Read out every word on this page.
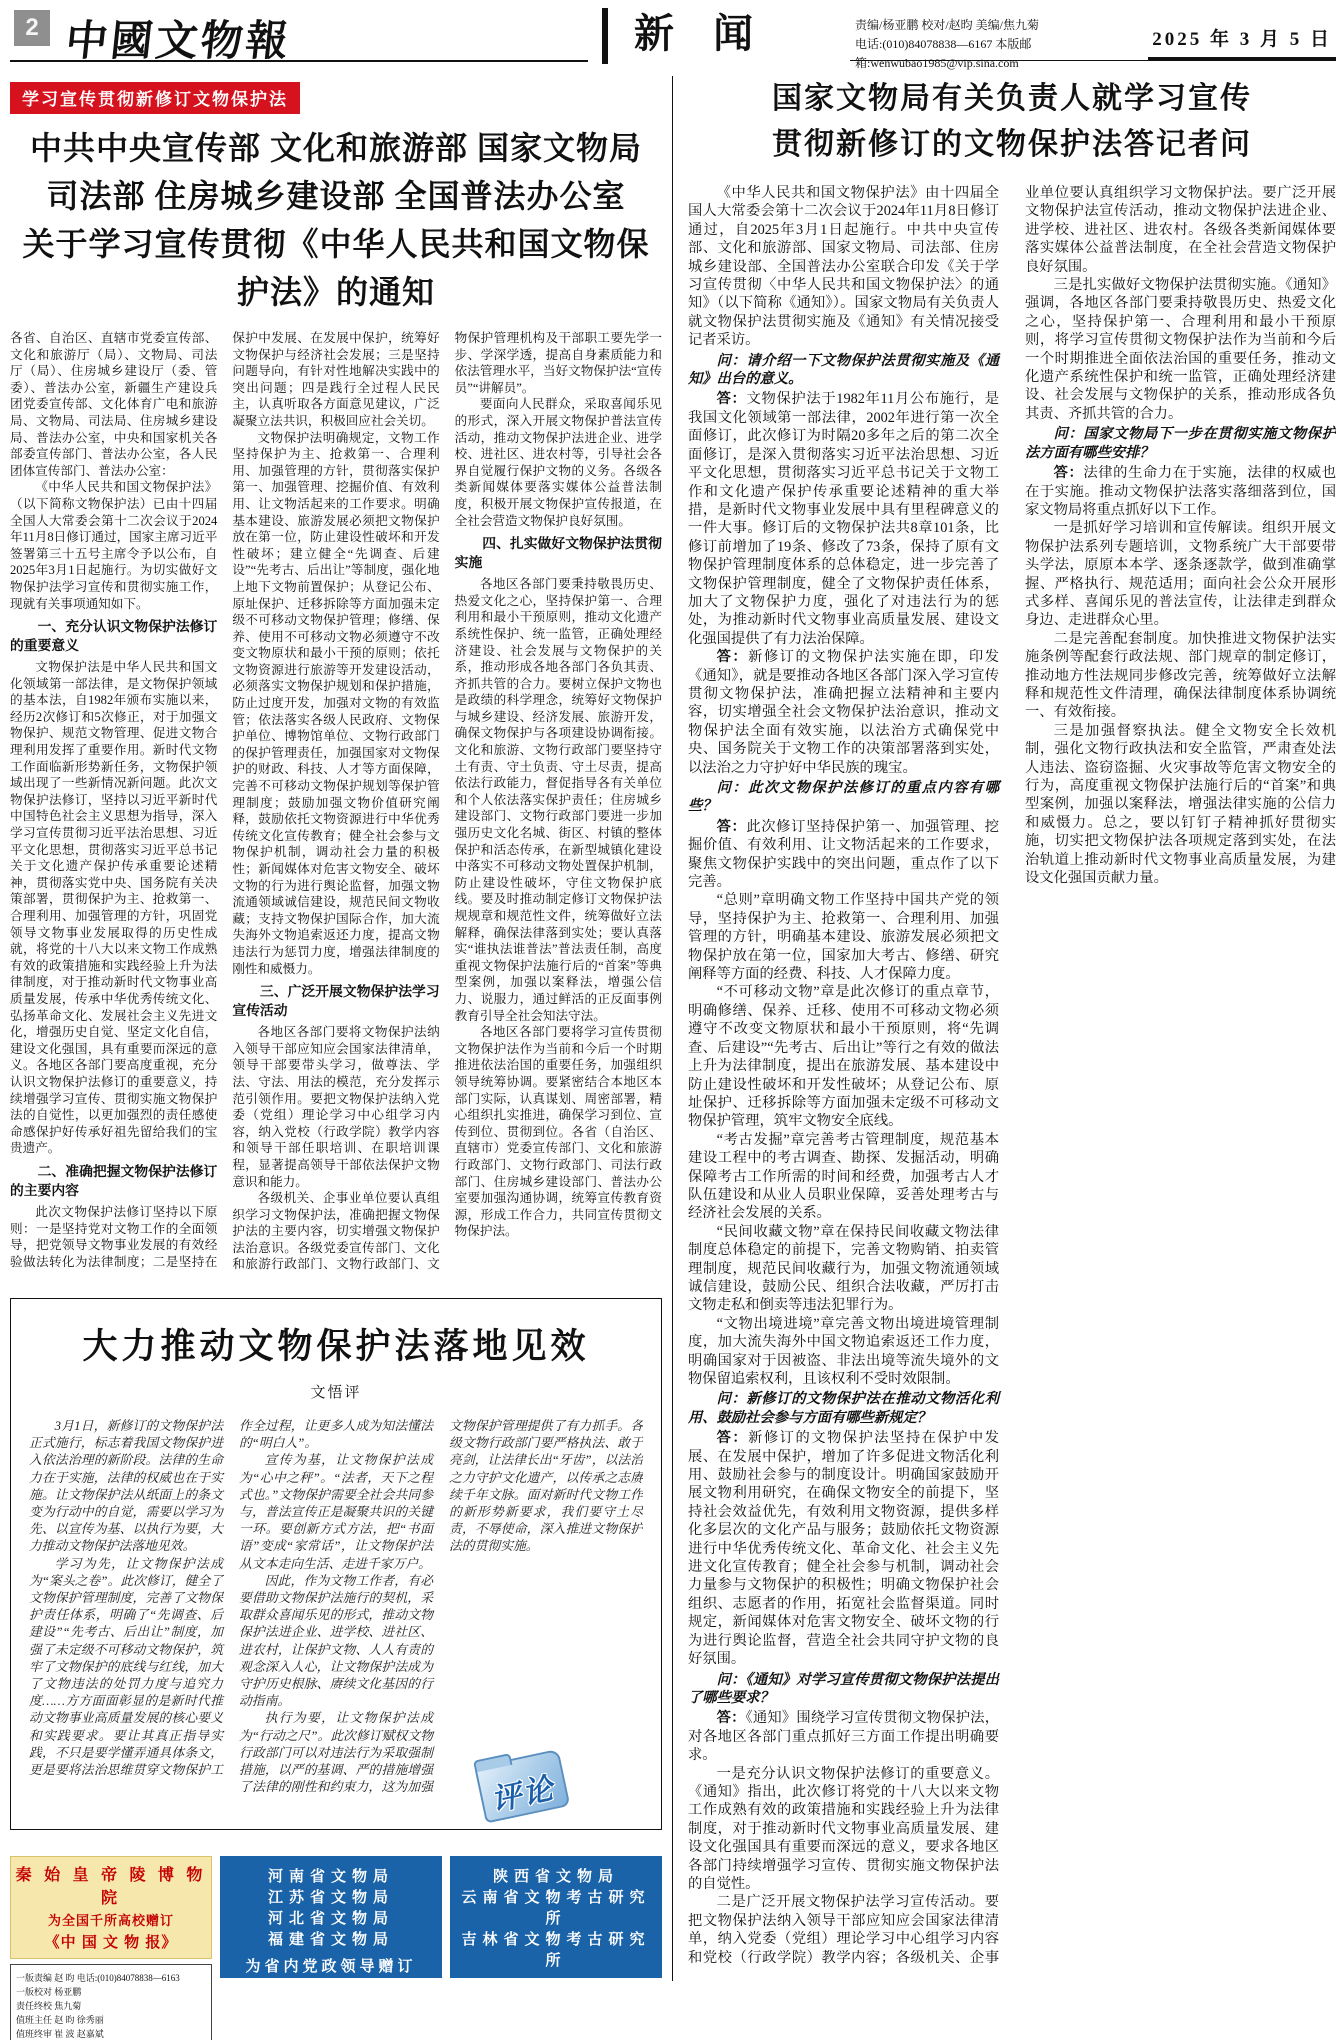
2 中國文物報	新 闻	责编/杨亚鹏 校对/赵昀 美编/焦九菊
电话:(010)84078838—6167 本版邮箱:wenwubao1985@vip.sina.com
2025 年 3 月 5 日
学习宣传贯彻新修订文物保护法
中共中央宣传部 文化和旅游部 国家文物局
司法部 住房城乡建设部 全国普法办公室
关于学习宣传贯彻《中华人民共和国文物保护法》的通知

各省、自治区、直辖市党委宣传部、文化和旅游厅（局）、文物局、司法厅（局）、住房城乡建设厅（委、管委）、普法办公室，新疆生产建设兵团党委宣传部、文化体育广电和旅游局、文物局、司法局、住房城乡建设局、普法办公室，中央和国家机关各部委宣传部门、普法办公室，各人民团体宣传部门、普法办公室：

《中华人民共和国文物保护法》（以下简称文物保护法）已由十四届全国人大常委会第十二次会议于2024年11月8日修订通过，国家主席习近平签署第三十五号主席令予以公布，自2025年3月1日起施行。为切实做好文物保护法学习宣传和贯彻实施工作，现就有关事项通知如下。

一、充分认识文物保护法修订的重要意义

文物保护法是中华人民共和国文化领域第一部法律，是文物保护领域的基本法，自1982年颁布实施以来，经历2次修订和5次修正，对于加强文物保护、规范文物管理、促进文物合理利用发挥了重要作用。新时代文物工作面临新形势新任务，文物保护领域出现了一些新情况新问题。此次文物保护法修订，坚持以习近平新时代中国特色社会主义思想为指导，深入学习宣传贯彻习近平法治思想、习近平文化思想，贯彻落实习近平总书记关于文化遗产保护传承重要论述精神，贯彻落实党中央、国务院有关决策部署，贯彻保护为主、抢救第一、合理利用、加强管理的方针，巩固党领导文物事业发展取得的历史性成就，将党的十八大以来文物工作成熟有效的政策措施和实践经验上升为法律制度，对于推动新时代文物事业高质量发展，传承中华优秀传统文化、弘扬革命文化、发展社会主义先进文化，增强历史自觉、坚定文化自信，建设文化强国，具有重要而深远的意义。各地区各部门要高度重视，充分认识文物保护法修订的重要意义，持续增强学习宣传、贯彻实施文物保护法的自觉性，以更加强烈的责任感使命感保护好传承好祖先留给我们的宝贵遗产。

二、准确把握文物保护法修订的主要内容

此次文物保护法修订坚持以下原则：一是坚持党对文物工作的全面领导，把党领导文物事业发展的有效经验做法转化为法律制度；二是坚持在保护中发展、在发展中保护，统筹好文物保护与经济社会发展；三是坚持问题导向，有针对性地解决实践中的突出问题；四是践行全过程人民民主，认真听取各方面意见建议，广泛凝聚立法共识，积极回应社会关切。

文物保护法明确规定，文物工作坚持保护为主、抢救第一、合理利用、加强管理的方针，贯彻落实保护第一、加强管理、挖掘价值、有效利用、让文物活起来的工作要求。明确基本建设、旅游发展必须把文物保护放在第一位，防止建设性破坏和开发性破坏；建立健全“先调查、后建设”“先考古、后出让”等制度，强化地上地下文物前置保护；从登记公布、原址保护、迁移拆除等方面加强未定级不可移动文物保护管理；修缮、保养、使用不可移动文物必须遵守不改变文物原状和最小干预的原则；依托文物资源进行旅游等开发建设活动，必须落实文物保护规划和保护措施，防止过度开发，加强对文物的有效监管；依法落实各级人民政府、文物保护单位、博物馆单位、文物行政部门的保护管理责任，加强国家对文物保护的财政、科技、人才等方面保障，完善不可移动文物保护规划等保护管理制度；鼓励加强文物价值研究阐释，鼓励依托文物资源进行中华优秀传统文化宣传教育；健全社会参与文物保护机制，调动社会力量的积极性；新闻媒体对危害文物安全、破坏文物的行为进行舆论监督，加强文物流通领域诚信建设，规范民间文物收藏；支持文物保护国际合作，加大流失海外文物追索返还力度，提高文物违法行为惩罚力度，增强法律制度的刚性和威慑力。

三、广泛开展文物保护法学习宣传活动

各地区各部门要将文物保护法纳入领导干部应知应会国家法律清单，领导干部要带头学习，做尊法、学法、守法、用法的模范，充分发挥示范引领作用。要把文物保护法纳入党委（党组）理论学习中心组学习内容，纳入党校（行政学院）教学内容和领导干部任职培训、在职培训课程，显著提高领导干部依法保护文物意识和能力。

各级机关、企事业单位要认真组织学习文物保护法，准确把握文物保护法的主要内容，切实增强文物保护法治意识。各级党委宣传部门、文化和旅游行政部门、文物行政部门、文物保护管理机构及干部职工要先学一步、学深学透，提高自身素质能力和依法管理水平，当好文物保护法“宣传员”“讲解员”。

要面向人民群众，采取喜闻乐见的形式，深入开展文物保护普法宣传活动，推动文物保护法进企业、进学校、进社区、进农村等，引导社会各界自觉履行保护文物的义务。各级各类新闻媒体要落实媒体公益普法制度，积极开展文物保护宣传报道，在全社会营造文物保护良好氛围。

四、扎实做好文物保护法贯彻实施

各地区各部门要秉持敬畏历史、热爱文化之心，坚持保护第一、合理利用和最小干预原则，推动文化遗产系统性保护、统一监管，正确处理经济建设、社会发展与文物保护的关系，推动形成各地各部门各负其责、齐抓共管的合力。要树立保护文物也是政绩的科学理念，统筹好文物保护与城乡建设、经济发展、旅游开发，确保文物保护与各项建设协调衔接。文化和旅游、文物行政部门要坚持守土有责、守土负责、守土尽责，提高依法行政能力，督促指导各有关单位和个人依法落实保护责任；住房城乡建设部门、文物行政部门要进一步加强历史文化名城、街区、村镇的整体保护和活态传承，在新型城镇化建设中落实不可移动文物处置保护机制，防止建设性破坏，守住文物保护底线。要及时推动制定修订文物保护法规规章和规范性文件，统筹做好立法解释，确保法律落到实处；要认真落实“谁执法谁普法”普法责任制，高度重视文物保护法施行后的“首案”等典型案例，加强以案释法，增强公信力、说服力，通过鲜活的正反面事例教育引导全社会知法守法。

各地区各部门要将学习宣传贯彻文物保护法作为当前和今后一个时期推进依法治国的重要任务，加强组织领导统筹协调。要紧密结合本地区本部门实际，认真谋划、周密部署，精心组织扎实推进，确保学习到位、宣传到位、贯彻到位。各省（自治区、直辖市）党委宣传部门、文化和旅游行政部门、文物行政部门、司法行政部门、住房城乡建设部门、普法办公室要加强沟通协调，统筹宣传教育资源，形成工作合力，共同宣传贯彻文物保护法。

大力推动文物保护法落地见效
文悟评

3月1日，新修订的文物保护法正式施行，标志着我国文物保护进入依法治理的新阶段。法律的生命力在于实施，法律的权威也在于实施。让文物保护法从纸面上的条文变为行动中的自觉，需要以学习为先、以宣传为基、以执行为要，大力推动文物保护法落地见效。

学习为先，让文物保护法成为“案头之卷”。此次修订，健全了文物保护管理制度，完善了文物保护责任体系，明确了“先调查、后建设”“先考古、后出让”制度，加强了未定级不可移动文物保护，筑牢了文物保护的底线与红线，加大了文物违法的处罚力度与追究力度……方方面面彰显的是新时代推动文物事业高质量发展的核心要义和实践要求。要让其真正指导实践，不只是要学懂弄通具体条文，更是要将法治思维贯穿文物保护工作全过程，让更多人成为知法懂法的“明白人”。

宣传为基，让文物保护法成为“心中之秤”。“法者，天下之程式也。”文物保护需要全社会共同参与，普法宣传正是凝聚共识的关键一环。要创新方式方法，把“书面语”变成“家常话”，让文物保护法从文本走向生活、走进千家万户。

因此，作为文物工作者，有必要借助文物保护法施行的契机，采取群众喜闻乐见的形式，推动文物保护法进企业、进学校、进社区、进农村，让保护文物、人人有责的观念深入人心，让文物保护法成为守护历史根脉、赓续文化基因的行动指南。

执行为要，让文物保护法成为“行动之尺”。此次修订赋权文物行政部门可以对违法行为采取强制措施，以严的基调、严的措施增强了法律的刚性和约束力，这为加强文物保护管理提供了有力抓手。各级文物行政部门要严格执法、敢于亮剑，让法律长出“牙齿”，以法治之力守护文化遗产，以传承之志赓续千年文脉。面对新时代文物工作的新形势新要求，我们要守土尽责，不辱使命，深入推进文物保护法的贯彻实施。

评论
秦 始 皇 帝 陵 博 物 院
为全国千所高校赠订
《中 国 文 物 报》
一版责编 赵 昀 电话:(010)84078838—6163
一版校对 杨亚鹏
责任终校 焦九菊
值班主任 赵 昀 徐秀丽
值班终审 崔 波 赵嘉斌
河南省文物局
江苏省文物局
河北省文物局
福建省文物局
为省内党政领导赠订
陕西省文物局
云南省文物考古研究所
吉林省文物考古研究所
国家文物局有关负责人就学习宣传
贯彻新修订的文物保护法答记者问

《中华人民共和国文物保护法》由十四届全国人大常委会第十二次会议于2024年11月8日修订通过，自2025年3月1日起施行。中共中央宣传部、文化和旅游部、国家文物局、司法部、住房城乡建设部、全国普法办公室联合印发《关于学习宣传贯彻〈中华人民共和国文物保护法〉的通知》（以下简称《通知》）。国家文物局有关负责人就文物保护法贯彻实施及《通知》有关情况接受记者采访。

问：请介绍一下文物保护法贯彻实施及《通知》出台的意义。

答：文物保护法于1982年11月公布施行，是我国文化领域第一部法律，2002年进行第一次全面修订，此次修订为时隔20多年之后的第二次全面修订，是深入贯彻落实习近平法治思想、习近平文化思想，贯彻落实习近平总书记关于文物工作和文化遗产保护传承重要论述精神的重大举措，是新时代文物事业发展中具有里程碑意义的一件大事。修订后的文物保护法共8章101条，比修订前增加了19条、修改了73条，保持了原有文物保护管理制度体系的总体稳定，进一步完善了文物保护管理制度，健全了文物保护责任体系，加大了文物保护力度，强化了对违法行为的惩处，为推动新时代文物事业高质量发展、建设文化强国提供了有力法治保障。

答：新修订的文物保护法实施在即，印发《通知》，就是要推动各地区各部门深入学习宣传贯彻文物保护法，准确把握立法精神和主要内容，切实增强全社会文物保护法治意识，推动文物保护法全面有效实施，以法治方式确保党中央、国务院关于文物工作的决策部署落到实处，以法治之力守护好中华民族的瑰宝。

问：此次文物保护法修订的重点内容有哪些？

答：此次修订坚持保护第一、加强管理、挖掘价值、有效利用、让文物活起来的工作要求，聚焦文物保护实践中的突出问题，重点作了以下完善。

“总则”章明确文物工作坚持中国共产党的领导，坚持保护为主、抢救第一、合理利用、加强管理的方针，明确基本建设、旅游发展必须把文物保护放在第一位，国家加大考古、修缮、研究阐释等方面的经费、科技、人才保障力度。

“不可移动文物”章是此次修订的重点章节，明确修缮、保养、迁移、使用不可移动文物必须遵守不改变文物原状和最小干预原则，将“先调查、后建设”“先考古、后出让”等行之有效的做法上升为法律制度，提出在旅游发展、基本建设中防止建设性破坏和开发性破坏；从登记公布、原址保护、迁移拆除等方面加强未定级不可移动文物保护管理，筑牢文物安全底线。

“考古发掘”章完善考古管理制度，规范基本建设工程中的考古调查、勘探、发掘活动，明确保障考古工作所需的时间和经费，加强考古人才队伍建设和从业人员职业保障，妥善处理考古与经济社会发展的关系。

“民间收藏文物”章在保持民间收藏文物法律制度总体稳定的前提下，完善文物购销、拍卖管理制度，规范民间收藏行为，加强文物流通领域诚信建设，鼓励公民、组织合法收藏，严厉打击文物走私和倒卖等违法犯罪行为。

“文物出境进境”章完善文物出境进境管理制度，加大流失海外中国文物追索返还工作力度，明确国家对于因被盗、非法出境等流失境外的文物保留追索权利，且该权利不受时效限制。

问：新修订的文物保护法在推动文物活化利用、鼓励社会参与方面有哪些新规定？

答：新修订的文物保护法坚持在保护中发展、在发展中保护，增加了许多促进文物活化利用、鼓励社会参与的制度设计。明确国家鼓励开展文物利用研究，在确保文物安全的前提下，坚持社会效益优先，有效利用文物资源，提供多样化多层次的文化产品与服务；鼓励依托文物资源进行中华优秀传统文化、革命文化、社会主义先进文化宣传教育；健全社会参与机制，调动社会力量参与文物保护的积极性；明确文物保护社会组织、志愿者的作用，拓宽社会监督渠道。同时规定，新闻媒体对危害文物安全、破坏文物的行为进行舆论监督，营造全社会共同守护文物的良好氛围。

问：《通知》对学习宣传贯彻文物保护法提出了哪些要求？

答：《通知》围绕学习宣传贯彻文物保护法，对各地区各部门重点抓好三方面工作提出明确要求。

一是充分认识文物保护法修订的重要意义。《通知》指出，此次修订将党的十八大以来文物工作成熟有效的政策措施和实践经验上升为法律制度，对于推动新时代文物事业高质量发展、建设文化强国具有重要而深远的意义，要求各地区各部门持续增强学习宣传、贯彻实施文物保护法的自觉性。

二是广泛开展文物保护法学习宣传活动。要把文物保护法纳入领导干部应知应会国家法律清单，纳入党委（党组）理论学习中心组学习内容和党校（行政学院）教学内容；各级机关、企事业单位要认真组织学习文物保护法。要广泛开展文物保护法宣传活动，推动文物保护法进企业、进学校、进社区、进农村。各级各类新闻媒体要落实媒体公益普法制度，在全社会营造文物保护良好氛围。

三是扎实做好文物保护法贯彻实施。《通知》强调，各地区各部门要秉持敬畏历史、热爱文化之心，坚持保护第一、合理利用和最小干预原则，将学习宣传贯彻文物保护法作为当前和今后一个时期推进全面依法治国的重要任务，推动文化遗产系统性保护和统一监管，正确处理经济建设、社会发展与文物保护的关系，推动形成各负其责、齐抓共管的合力。

问：国家文物局下一步在贯彻实施文物保护法方面有哪些安排？

答：法律的生命力在于实施，法律的权威也在于实施。推动文物保护法落实落细落到位，国家文物局将重点抓好以下工作。

一是抓好学习培训和宣传解读。组织开展文物保护法系列专题培训，文物系统广大干部要带头学法，原原本本学、逐条逐款学，做到准确掌握、严格执行、规范适用；面向社会公众开展形式多样、喜闻乐见的普法宣传，让法律走到群众身边、走进群众心里。

二是完善配套制度。加快推进文物保护法实施条例等配套行政法规、部门规章的制定修订，推动地方性法规同步修改完善，统筹做好立法解释和规范性文件清理，确保法律制度体系协调统一、有效衔接。

三是加强督察执法。健全文物安全长效机制，强化文物行政执法和安全监管，严肃查处法人违法、盗窃盗掘、火灾事故等危害文物安全的行为，高度重视文物保护法施行后的“首案”和典型案例，加强以案释法，增强法律实施的公信力和威慑力。总之，要以钉钉子精神抓好贯彻实施，切实把文物保护法各项规定落到实处，在法治轨道上推动新时代文物事业高质量发展，为建设文化强国贡献力量。
